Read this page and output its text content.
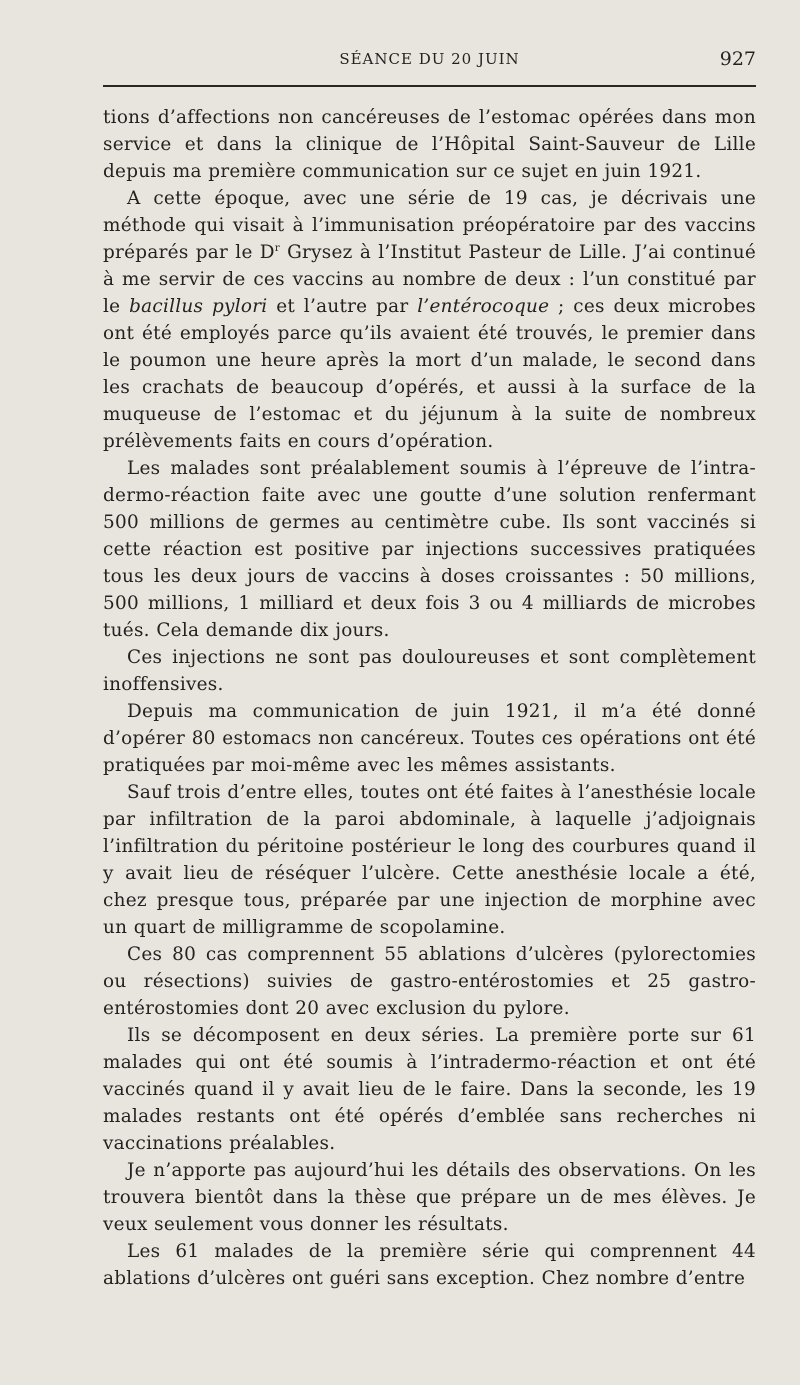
SÉANCE DU 20 JUIN	927

tions d’affections non cancéreuses de l’estomac opérées dans mon service et dans la clinique de l’Hôpital Saint-Sauveur de Lille depuis ma première communication sur ce sujet en juin 1921.

A cette époque, avec une série de 19 cas, je décrivais une méthode qui visait à l’immunisation préopératoire par des vaccins préparés par le $D^r$ Grysez à l’Institut Pasteur de Lille. J’ai continué à me servir de ces vaccins au nombre de deux : l’un constitué par le bacillus pylori et l’autre par l’entérocoque ; ces deux microbes ont été employés parce qu’ils avaient été trouvés, le premier dans le poumon une heure après la mort d’un malade, le second dans les crachats de beaucoup d’opérés, et aussi à la surface de la muqueuse de l’estomac et du jéjunum à la suite de nombreux prélèvements faits en cours d’opération.

Les malades sont préalablement soumis à l’épreuve de l’intra-dermo-réaction faite avec une goutte d’une solution renfermant 500 millions de germes au centimètre cube. Ils sont vaccinés si cette réaction est positive par injections successives pratiquées tous les deux jours de vaccins à doses croissantes : 50 millions, 500 millions, 1 milliard et deux fois 3 ou 4 milliards de microbes tués. Cela demande dix jours.

Ces injections ne sont pas douloureuses et sont complètement inoffensives.

Depuis ma communication de juin 1921, il m’a été donné d’opérer 80 estomacs non cancéreux. Toutes ces opérations ont été pratiquées par moi-même avec les mêmes assistants.

Sauf trois d’entre elles, toutes ont été faites à l’anesthésie locale par infiltration de la paroi abdominale, à laquelle j’adjoignais l’infiltration du péritoine postérieur le long des courbures quand il y avait lieu de réséquer l’ulcère. Cette anesthésie locale a été, chez presque tous, préparée par une injection de morphine avec un quart de milligramme de scopolamine.

Ces 80 cas comprennent 55 ablations d’ulcères (pylorectomies ou résections) suivies de gastro-entérostomies et 25 gastro-entérostomies dont 20 avec exclusion du pylore.

Ils se décomposent en deux séries. La première porte sur 61 malades qui ont été soumis à l’intradermo-réaction et ont été vaccinés quand il y avait lieu de le faire. Dans la seconde, les 19 malades restants ont été opérés d’emblée sans recherches ni vaccinations préalables.

Je n’apporte pas aujourd’hui les détails des observations. On les trouvera bientôt dans la thèse que prépare un de mes élèves. Je veux seulement vous donner les résultats.

Les 61 malades de la première série qui comprennent 44 ablations d’ulcères ont guéri sans exception. Chez nombre d’entre
